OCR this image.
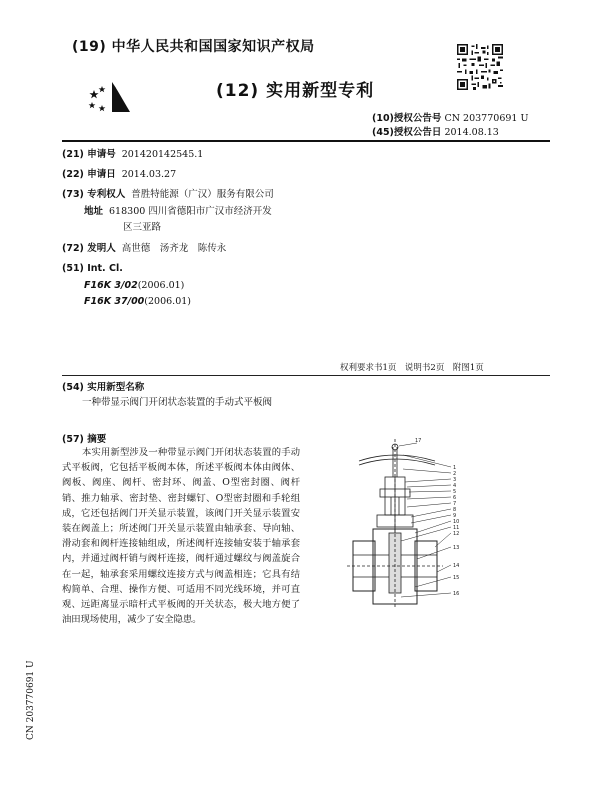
(19) 中华人民共和国国家知识产权局
(12) 实用新型专利
(10)授权公告号 CN 203770691 U
(45)授权公告日 2014.08.13
(21) 申请号 201420142545.1
(22) 申请日 2014.03.27
(73) 专利权人 普胜特能源（广汉）服务有限公司
地址 618300 四川省德阳市广汉市经济开发
区三亚路
(72) 发明人 高世德　汤齐龙　陈传永
(51) Int. Cl.
F16K 3/02(2006.01)
F16K 37/00(2006.01)
权利要求书1页　说明书2页　附图1页
(54) 实用新型名称
一种带显示阀门开闭状态装置的手动式平板阀
(57) 摘要
本实用新型涉及一种带显示阀门开闭状态装置的手动式平板阀，它包括平板阀本体，所述平板阀本体由阀体、阀板、阀座、阀杆、密封环、阀盖、O型密封圈、阀杆销、推力轴承、密封垫、密封螺钉、O型密封圈和手轮组成，它还包括阀门开关显示装置，该阀门开关显示装置安装在阀盖上；所述阀门开关显示装置由轴承套、导向轴、滑动套和阀杆连接轴组成，所述阀杆连接轴安装于轴承套内，并通过阀杆销与阀杆连接，阀杆通过螺纹与阀盖旋合在一起，轴承套采用螺纹连接方式与阀盖相连；它具有结构简单、合理、操作方便、可适用不同光线环境，并可直观、远距离显示暗杆式平板阀的开关状态，极大地方便了油田现场使用，减少了安全隐患。
CN 203770691 U
17
1
2
3
4
5
6
7
8
9
10
11
12
13
14
15
16
